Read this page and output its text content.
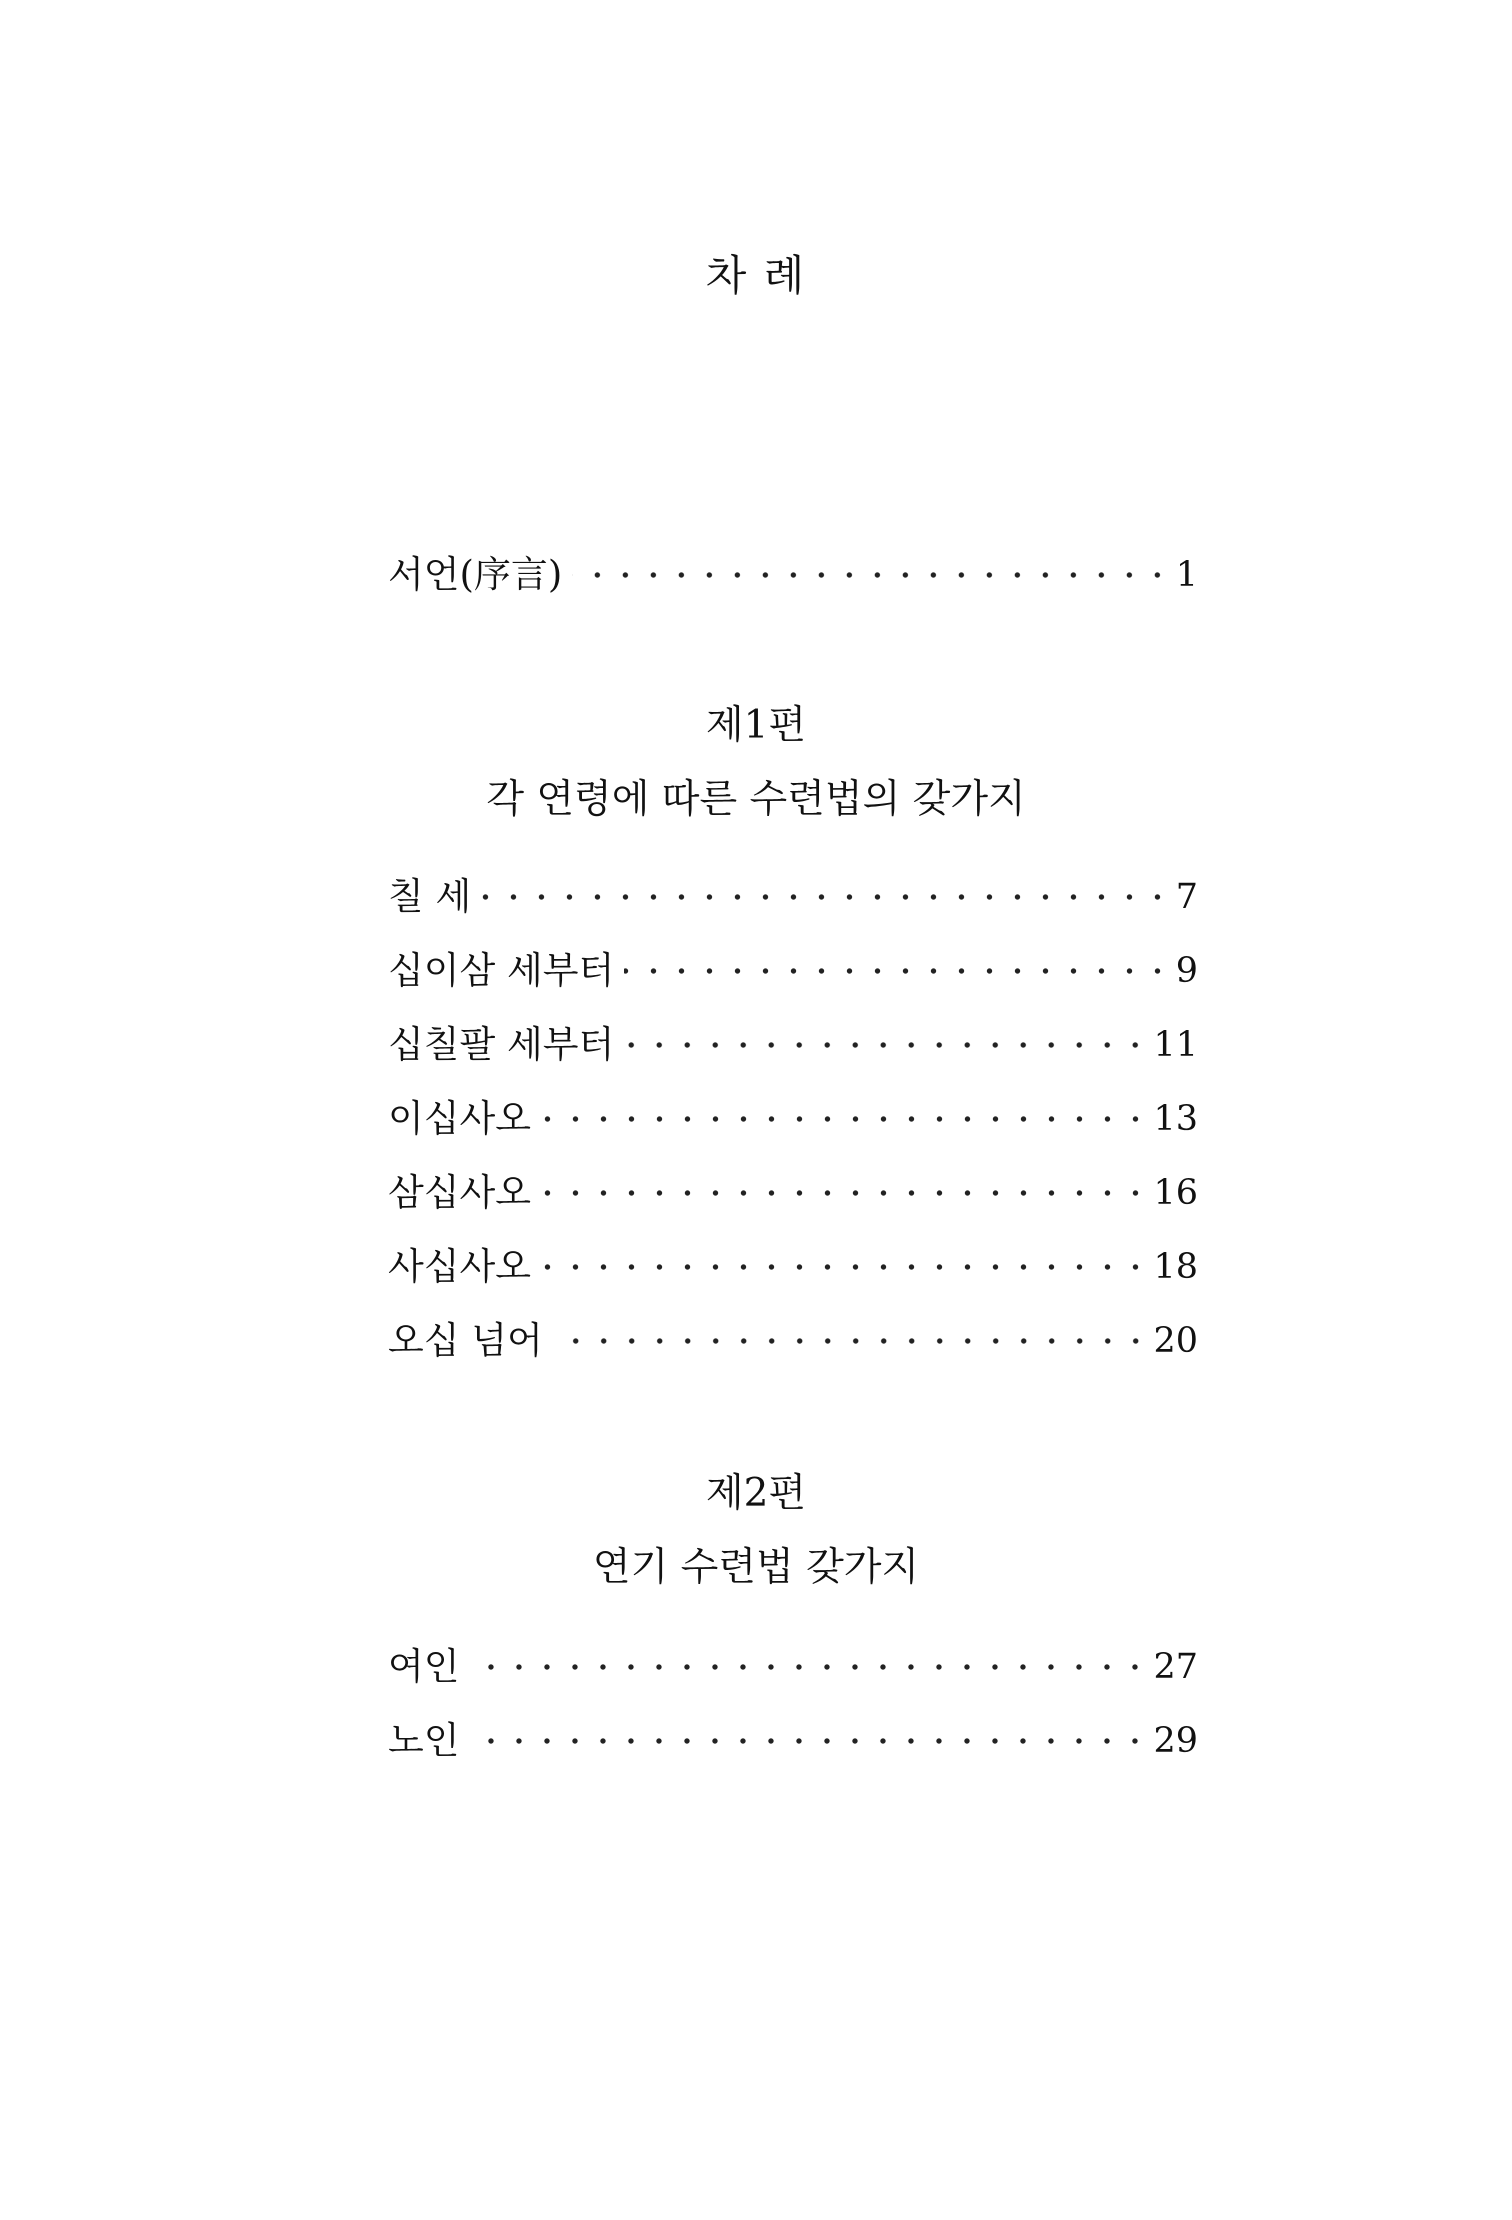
차 례
서언(序言)	1
제1편
각 연령에 따른 수련법의 갖가지
칠 세	7
십이삼 세부터	9
십칠팔 세부터	11
이십사오	13
삼십사오	16
사십사오	18
오십 넘어	20
제2편
연기 수련법 갖가지
여인	27
노인	29
